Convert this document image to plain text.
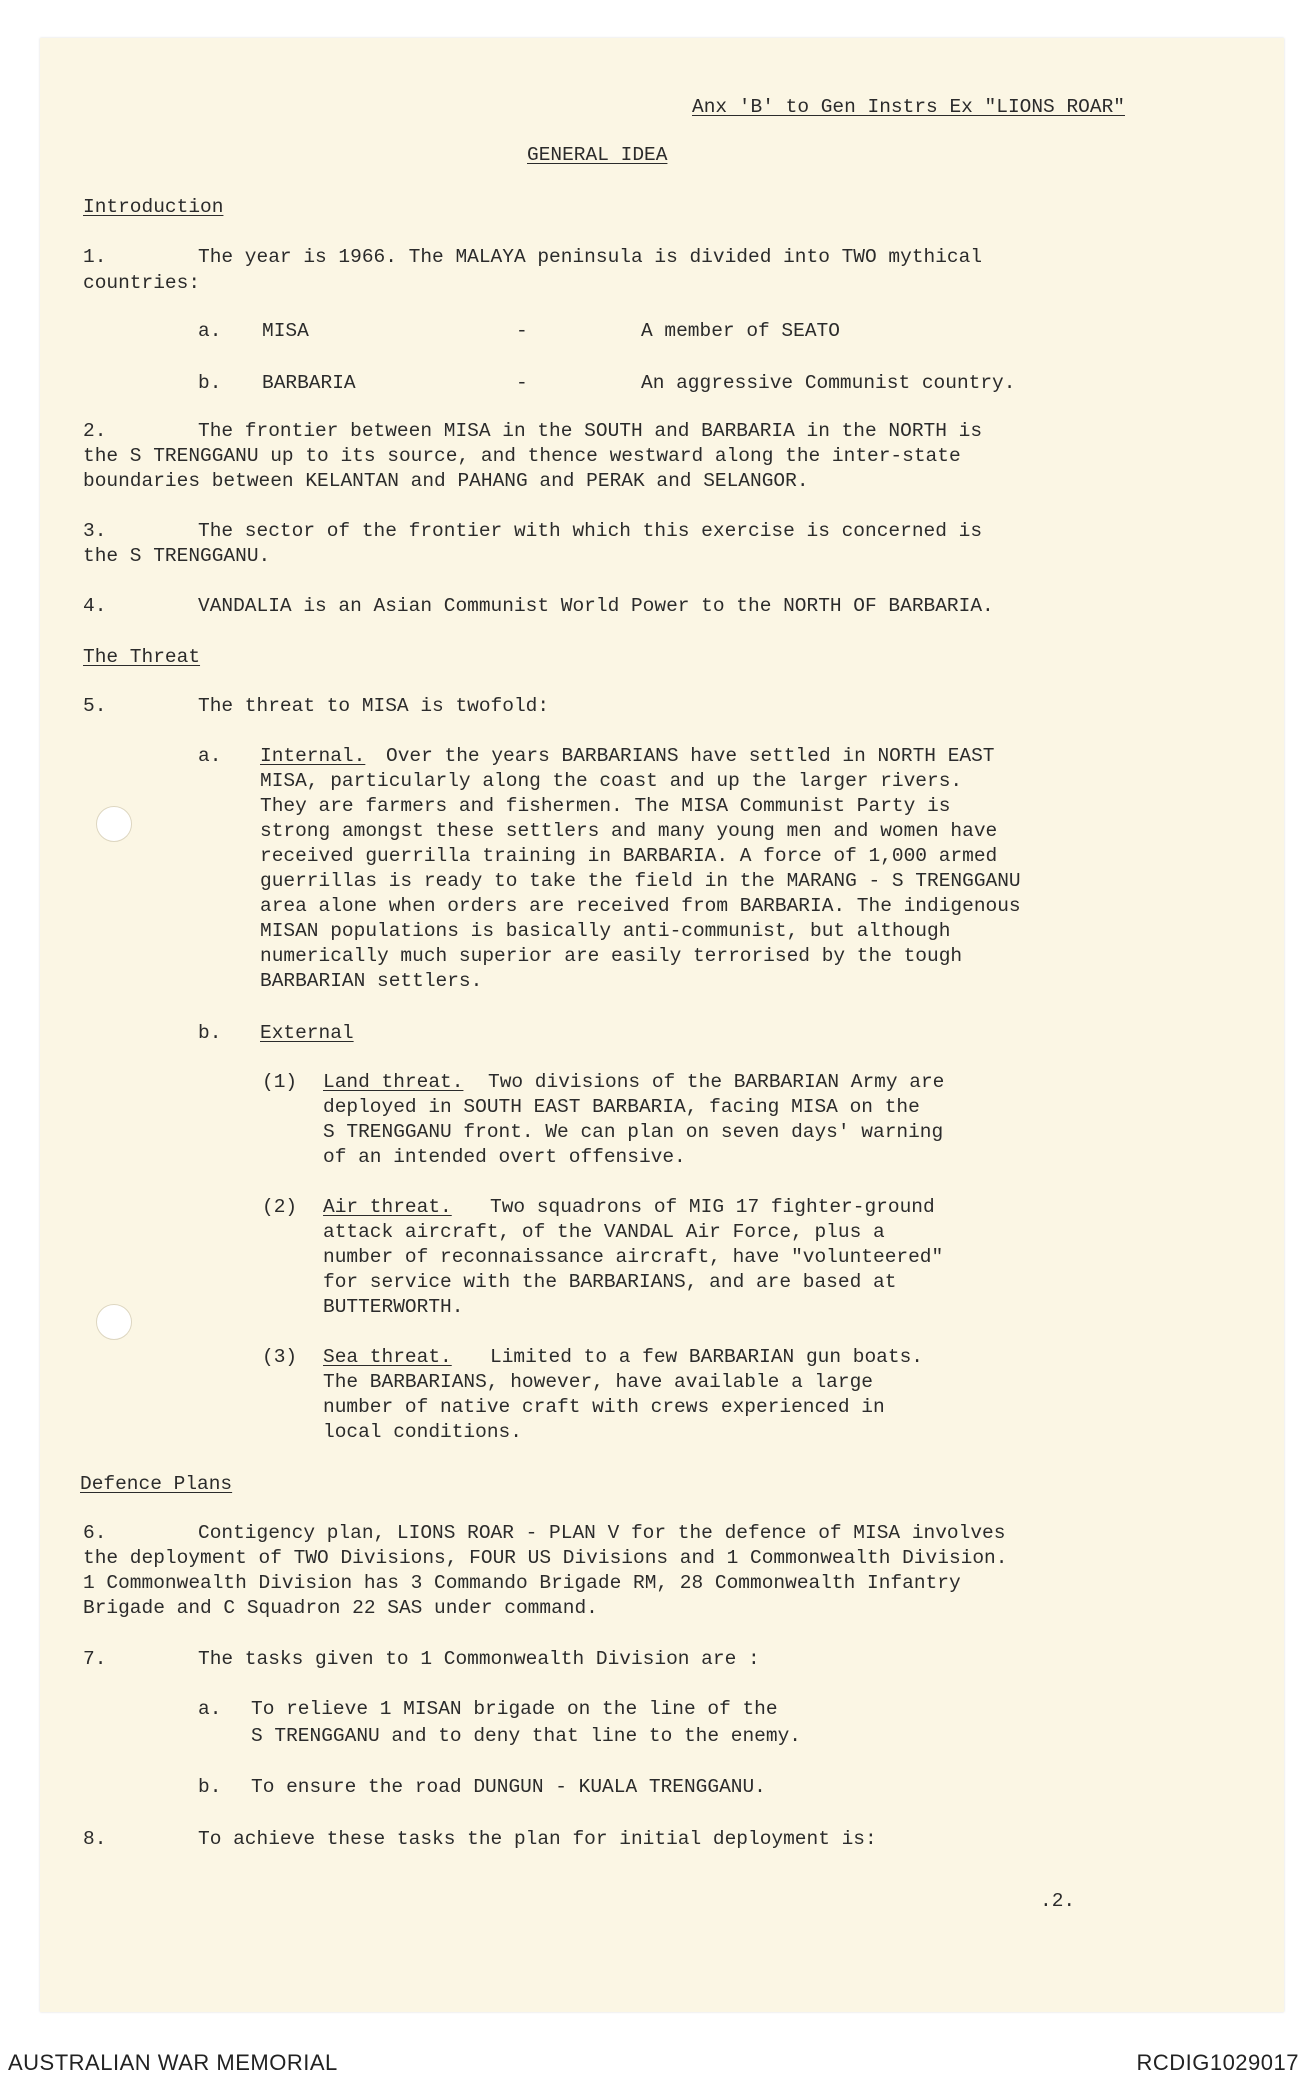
Anx 'B' to Gen Instrs Ex "LIONS ROAR"
GENERAL IDEA
Introduction
1.	The year is 1966. The MALAYA peninsula is divided into TWO mythical
countries:
a. MISA	-	A member of SEATO
b. BARBARIA	-	An aggressive Communist country.
2.	The frontier between MISA in the SOUTH and BARBARIA in the NORTH is
the S TRENGGANU up to its source, and thence westward along the inter-state
boundaries between KELANTAN and PAHANG and PERAK and SELANGOR.
3.	The sector of the frontier with which this exercise is concerned is
the S TRENGGANU.
4.	VANDALIA is an Asian Communist World Power to the NORTH OF BARBARIA.
The Threat
5.	The threat to MISA is twofold:
a. Internal. Over the years BARBARIANS have settled in NORTH EAST
MISA, particularly along the coast and up the larger rivers.
They are farmers and fishermen. The MISA Communist Party is
strong amongst these settlers and many young men and women have
received guerrilla training in BARBARIA. A force of 1,000 armed
guerrillas is ready to take the field in the MARANG - S TRENGGANU
area alone when orders are received from BARBARIA. The indigenous
MISAN populations is basically anti-communist, but although
numerically much superior are easily terrorised by the tough
BARBARIAN settlers.
b. External
(1) Land threat. Two divisions of the BARBARIAN Army are
deployed in SOUTH EAST BARBARIA, facing MISA on the
S TRENGGANU front. We can plan on seven days' warning
of an intended overt offensive.
(2) Air threat. Two squadrons of MIG 17 fighter-ground
attack aircraft, of the VANDAL Air Force, plus a
number of reconnaissance aircraft, have "volunteered"
for service with the BARBARIANS, and are based at
BUTTERWORTH.
(3) Sea threat. Limited to a few BARBARIAN gun boats.
The BARBARIANS, however, have available a large
number of native craft with crews experienced in
local conditions.
Defence Plans
6.	Contigency plan, LIONS ROAR - PLAN V for the defence of MISA involves
the deployment of TWO Divisions, FOUR US Divisions and 1 Commonwealth Division.
1 Commonwealth Division has 3 Commando Brigade RM, 28 Commonwealth Infantry
Brigade and C Squadron 22 SAS under command.
7.	The tasks given to 1 Commonwealth Division are :
a. To relieve 1 MISAN brigade on the line of the
S TRENGGANU and to deny that line to the enemy.
b. To ensure the road DUNGUN - KUALA TRENGGANU.
8.	To achieve these tasks the plan for initial deployment is:
.2.
AUSTRALIAN WAR MEMORIAL	RCDIG1029017
